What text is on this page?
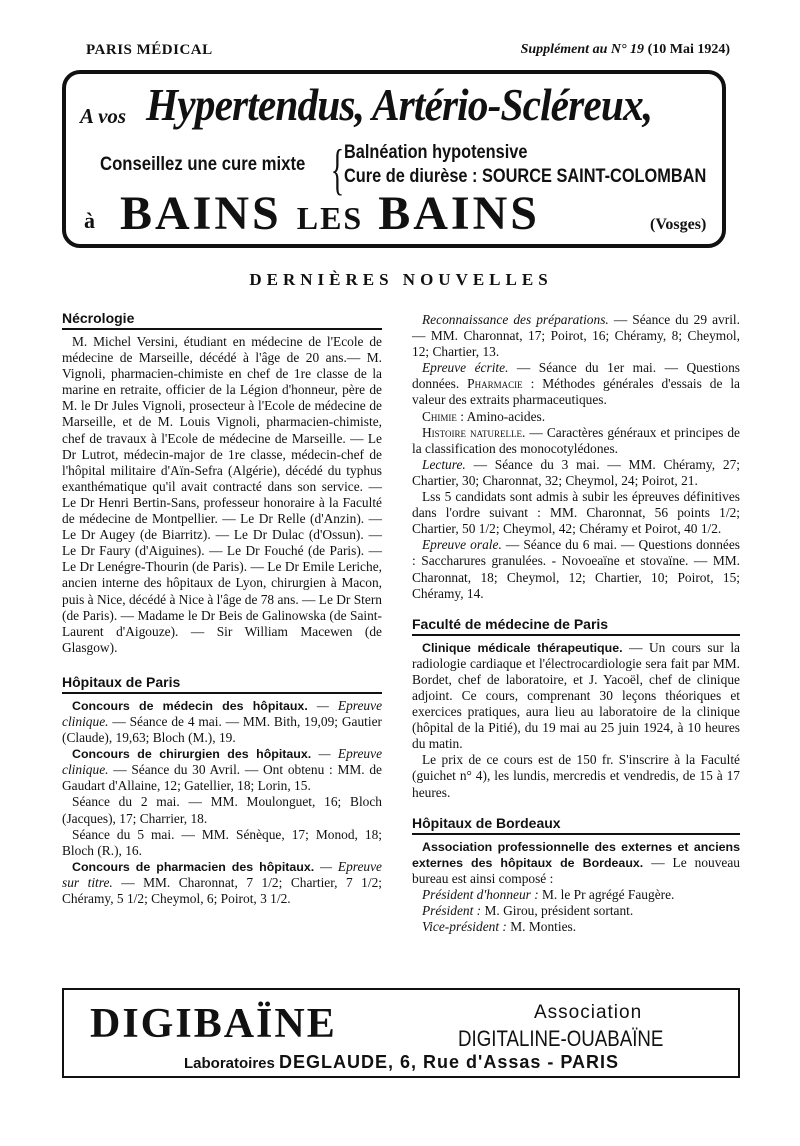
PARIS MÉDICAL	Supplément au N° 19 (10 Mai 1924)
A vos Hypertendus, Artério-Scléreux,
Conseillez une cure mixte { Balnéation hypotensive
Cure de diurèse : SOURCE SAINT-COLOMBAN
à BAINS LES BAINS	(Vosges)
DERNIÈRES NOUVELLES
Nécrologie

M. Michel Versini, étudiant en médecine de l'Ecole de médecine de Marseille, décédé à l'âge de 20 ans.— M. Vignoli, pharmacien-chimiste en chef de 1re classe de la marine en retraite, officier de la Légion d'honneur, père de M. le Dr Jules Vignoli, prosecteur à l'Ecole de médecine de Marseille, et de M. Louis Vignoli, pharmacien-chimiste, chef de travaux à l'Ecole de médecine de Marseille. — Le Dr Lutrot, médecin-major de 1re classe, médecin-chef de l'hôpital militaire d'Aïn-Sefra (Algérie), décédé du typhus exanthématique qu'il avait contracté dans son service. — Le Dr Henri Bertin-Sans, professeur honoraire à la Faculté de médecine de Montpellier. — Le Dr Relle (d'Anzin). — Le Dr Augey (de Biarritz). — Le Dr Dulac (d'Ossun). — Le Dr Faury (d'Aiguines). — Le Dr Fouché (de Paris). — Le Dr Lenégre-Thourin (de Paris). — Le Dr Emile Leriche, ancien interne des hôpitaux de Lyon, chirurgien à Macon, puis à Nice, décédé à Nice à l'âge de 78 ans. — Le Dr Stern (de Paris). — Madame le Dr Beis de Galinowska (de Saint-Laurent d'Aigouze). — Sir William Macewen (de Glasgow).

Hôpitaux de Paris

Concours de médecin des hôpitaux. — Epreuve clinique. — Séance de 4 mai. — MM. Bith, 19,09; Gautier (Claude), 19,63; Bloch (M.), 19.

Concours de chirurgien des hôpitaux. — Epreuve clinique. — Séance du 30 Avril. — Ont obtenu : MM. de Gaudart d'Allaine, 12; Gatellier, 18; Lorin, 15.

Séance du 2 mai. — MM. Moulonguet, 16; Bloch (Jacques), 17; Charrier, 18.

Séance du 5 mai. — MM. Sénèque, 17; Monod, 18; Bloch (R.), 16.

Concours de pharmacien des hôpitaux. — Epreuve sur titre. — MM. Charonnat, 7 1/2; Chartier, 7 1/2; Chéramy, 5 1/2; Cheymol, 6; Poirot, 3 1/2.

Reconnaissance des préparations. — Séance du 29 avril. — MM. Charonnat, 17; Poirot, 16; Chéramy, 8; Cheymol, 12; Chartier, 13.

Epreuve écrite. — Séance du 1er mai. — Questions données. Pharmacie : Méthodes générales d'essais de la valeur des extraits pharmaceutiques.

Chimie : Amino-acides.

Histoire naturelle. — Caractères généraux et principes de la classification des monocotylédones.

Lecture. — Séance du 3 mai. — MM. Chéramy, 27; Chartier, 30; Charonnat, 32; Cheymol, 24; Poirot, 21.

Lss 5 candidats sont admis à subir les épreuves définitives dans l'ordre suivant : MM. Charonnat, 56 points 1/2; Chartier, 50 1/2; Cheymol, 42; Chéramy et Poirot, 40 1/2.

Epreuve orale. — Séance du 6 mai. — Questions données : Saccharures granulées. - Novoeaïne et stovaïne. — MM. Charonnat, 18; Cheymol, 12; Chartier, 10; Poirot, 15; Chéramy, 14.

Faculté de médecine de Paris

Clinique médicale thérapeutique. — Un cours sur la radiologie cardiaque et l'électrocardiologie sera fait par MM. Bordet, chef de laboratoire, et J. Yacoël, chef de clinique adjoint. Ce cours, comprenant 30 leçons théoriques et exercices pratiques, aura lieu au laboratoire de la clinique (hôpital de la Pitié), du 19 mai au 25 juin 1924, à 10 heures du matin.

Le prix de ce cours est de 150 fr. S'inscrire à la Faculté (guichet n° 4), les lundis, mercredis et vendredis, de 15 à 17 heures.

Hôpitaux de Bordeaux

Association professionnelle des externes et anciens externes des hôpitaux de Bordeaux. — Le nouveau bureau est ainsi composé :

Président d'honneur : M. le Pr agrégé Faugère.

Président : M. Girou, président sortant.

Vice-président : M. Monties.

DIGIBAÏNE	Association
DIGITALINE-OUABAÏNE
Laboratoires DEGLAUDE, 6, Rue d'Assas - PARIS
